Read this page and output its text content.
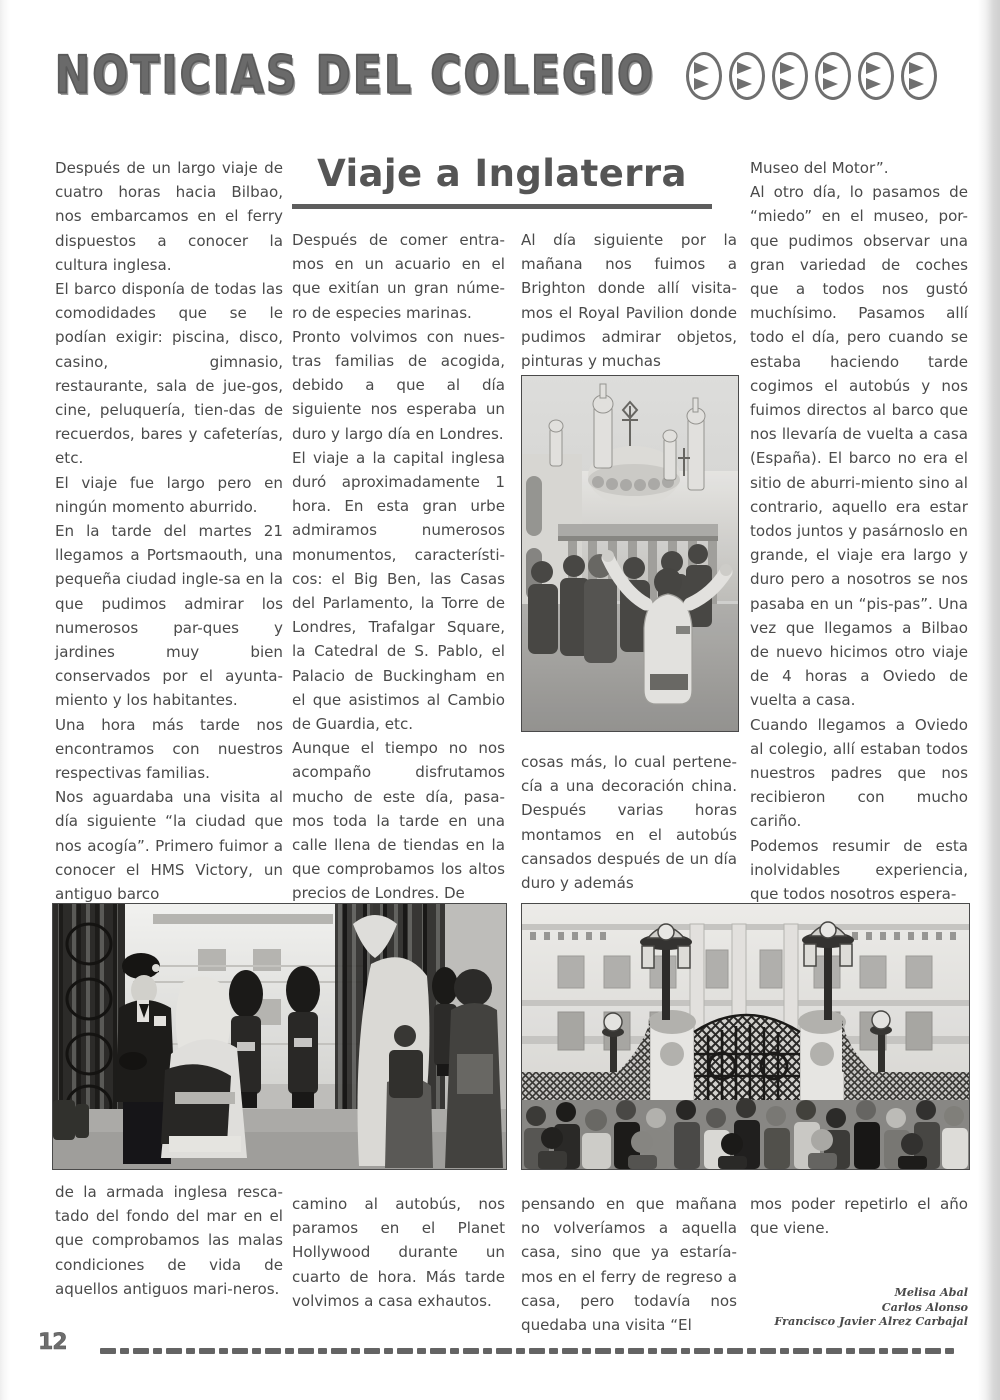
NOTICIAS DEL COLEGIO
Viaje a Inglaterra

Después de un largo viaje de cuatro horas hacia Bilbao, nos embarcamos en el ferry dispuestos a conocer la cultura inglesa.

El barco disponía de todas las comodidades que se le podían exigir: piscina, disco, casino, gimnasio, restaurante, sala de jue-​gos, cine, peluquería, tien-​das de recuerdos, bares y cafeterías, etc.

El viaje fue largo pero en ningún momento aburrido.

En la tarde del martes 21 llegamos a Portsmaouth, una pequeña ciudad ingle-​sa en la que pudimos admirar los numerosos par-​ques y jardines muy bien conservados por el ayunta-​miento y los habitantes.

Una hora más tarde nos encontramos con nuestros respectivas familias.

Nos aguardaba una visita al día siguiente “la ciudad que nos acogía”. Primero fuimor a conocer el HMS Victory, un antiguo barco

Después de comer entra-​mos en un acuario en el que exitían un gran núme-​ro de especies marinas.

Pronto volvimos con nues-​tras familias de acogida, debido a que al día siguiente nos esperaba un duro y largo día en Londres.

El viaje a la capital inglesa duró aproximadamente 1 hora. En esta gran urbe admiramos numerosos monumentos, característi-​cos: el Big Ben, las Casas del Parlamento, la Torre de Londres, Trafalgar Square, la Catedral de S. Pablo, el Palacio de Buckingham en el que asistimos al Cambio de Guardia, etc.

Aunque el tiempo no nos acompaño disfrutamos mucho de este día, pasa-​mos toda la tarde en una calle llena de tiendas en la que comprobamos los altos precios de Londres. De

Al día siguiente por la mañana nos fuimos a Brighton donde allí visita-​mos el Royal Pavilion donde pudimos admirar objetos, pinturas y muchas

cosas más, lo cual pertene-​cía a una decoración china. Después varias horas montamos en el autobús cansados después de un día duro y además

Museo del Motor”.

Al otro día, lo pasamos de “miedo” en el museo, por-​que pudimos observar una gran variedad de coches que a todos nos gustó muchísimo. Pasamos allí todo el día, pero cuando se estaba haciendo tarde cogimos el autobús y nos fuimos directos al barco que nos llevaría de vuelta a casa (España). El barco no era el sitio de aburri-​miento sino al contrario, aquello era estar todos juntos y pasárnoslo en grande, el viaje era largo y duro pero a nosotros se nos pasaba en un “pis-​pas”. Una vez que llegamos a Bilbao de nuevo hicimos otro viaje de 4 horas a Oviedo de vuelta a casa.

Cuando llegamos a Oviedo al colegio, allí estaban todos nuestros padres que nos recibieron con mucho cariño.

Podemos resumir de esta inolvidables experiencia, que todos nosotros espera-

de la armada inglesa resca-​tado del fondo del mar en el que comprobamos las malas condiciones de vida de aquellos antiguos mari-​neros.

camino al autobús, nos paramos en el Planet Hollywood durante un cuarto de hora. Más tarde volvimos a casa exhautos.

pensando en que mañana no volveríamos a aquella casa, sino que ya estaría-​mos en el ferry de regreso a casa, pero todavía nos quedaba una visita “El

mos poder repetirlo el año que viene.

Melisa Abal
Carlos Alonso
Francisco Javier Alrez Carbajal
12
